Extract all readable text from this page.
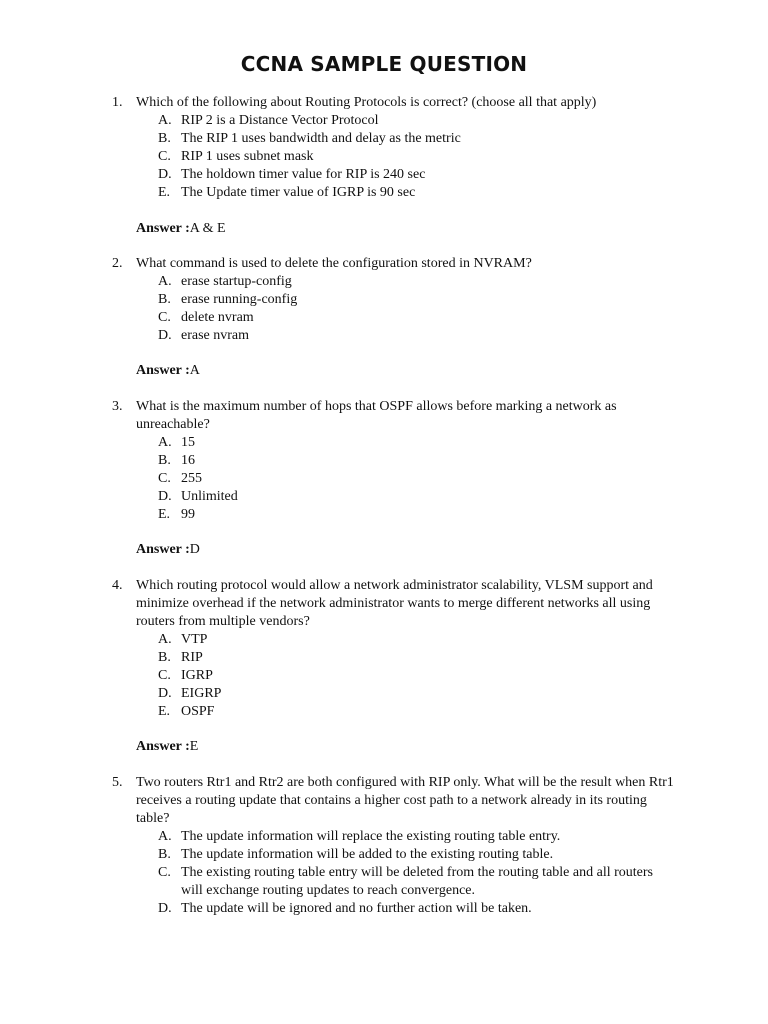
CCNA SAMPLE QUESTION
1. Which of the following about Routing Protocols is correct? (choose all that apply)
A. RIP 2 is a Distance Vector Protocol
B. The RIP 1 uses bandwidth and delay as the metric
C. RIP 1 uses subnet mask
D. The holdown timer value for RIP is 240 sec
E. The Update timer value of IGRP is 90 sec
Answer :A & E
2. What command is used to delete the configuration stored in NVRAM?
A. erase startup-config
B. erase running-config
C. delete nvram
D. erase nvram
Answer :A
3. What is the maximum number of hops that OSPF allows before marking a network as unreachable?
A. 15
B. 16
C. 255
D. Unlimited
E. 99
Answer :D
4. Which routing protocol would allow a network administrator scalability, VLSM support and minimize overhead if the network administrator wants to merge different networks all using routers from multiple vendors?
A. VTP
B. RIP
C. IGRP
D. EIGRP
E. OSPF
Answer :E
5. Two routers Rtr1 and Rtr2 are both configured with RIP only. What will be the result when Rtr1 receives a routing update that contains a higher cost path to a network already in its routing table?
A. The update information will replace the existing routing table entry.
B. The update information will be added to the existing routing table.
C. The existing routing table entry will be deleted from the routing table and all routers will exchange routing updates to reach convergence.
D. The update will be ignored and no further action will be taken.
